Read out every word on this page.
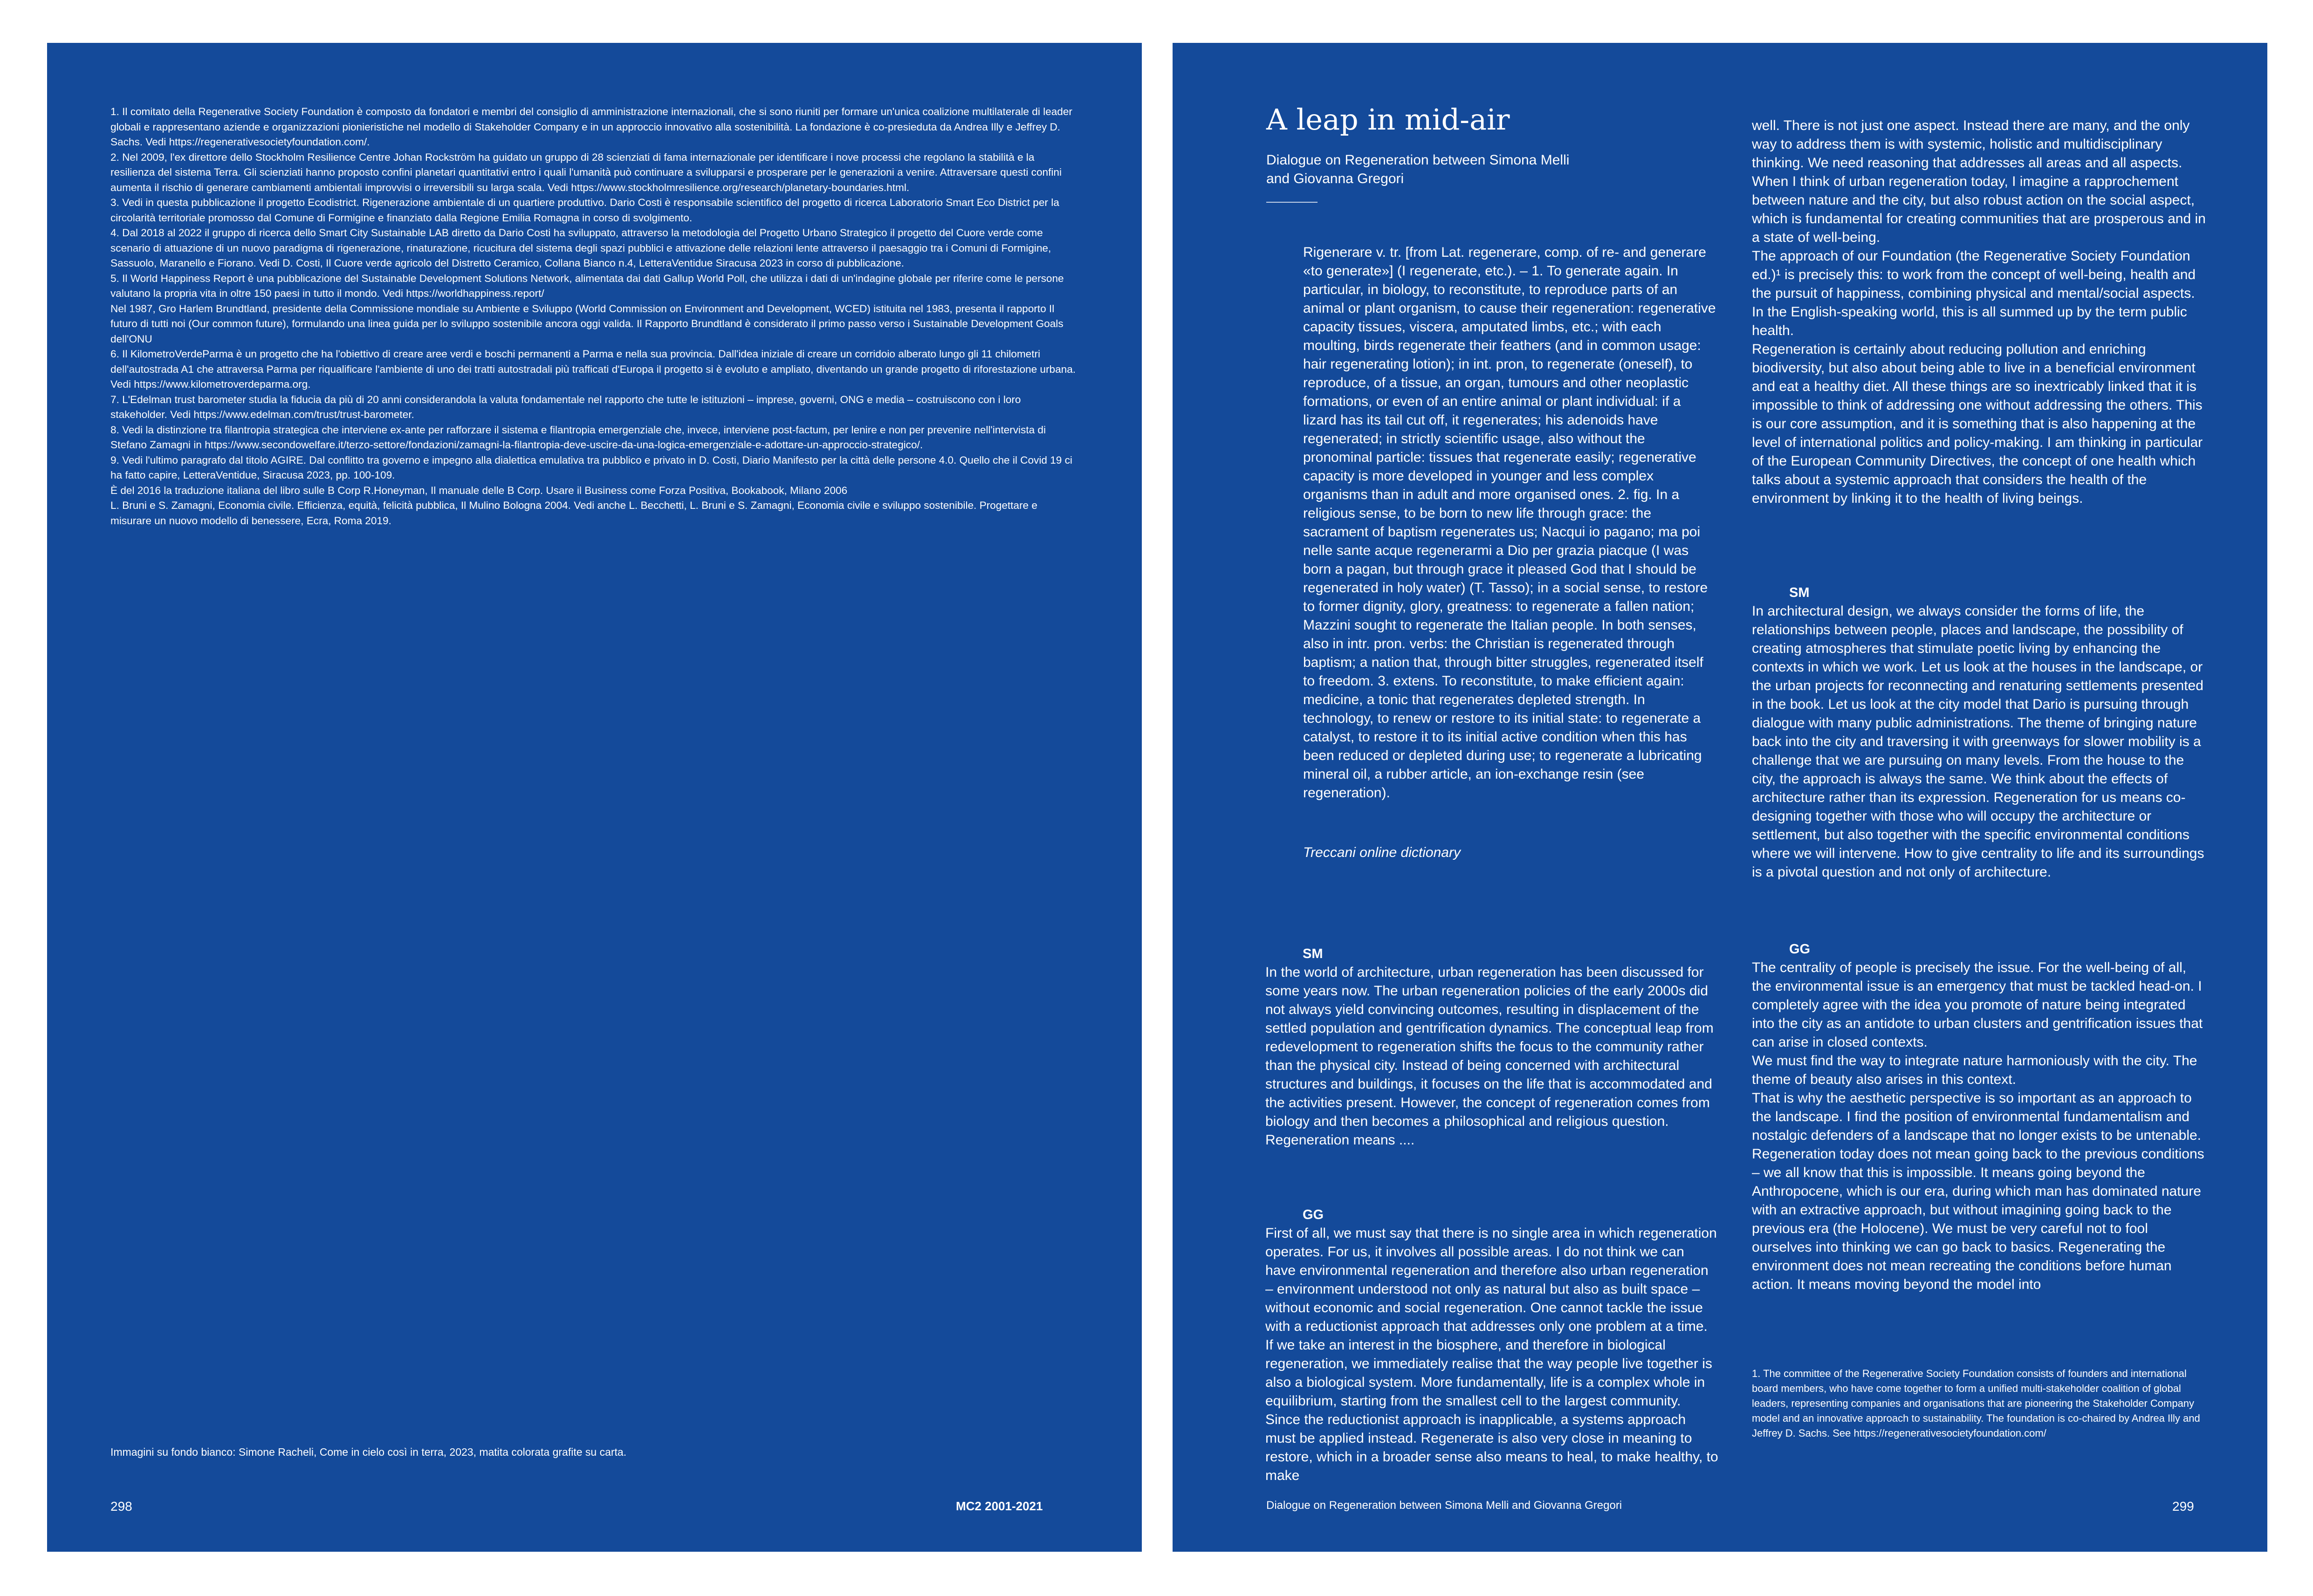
1. Il comitato della Regenerative Society Foundation è composto da fondatori e membri del consiglio di amministrazione internazionali, che si sono riuniti per formare un'unica coalizione multilaterale di leader globali e rappresentano aziende e organizzazioni pionieristiche nel modello di Stakeholder Company e in un approccio innovativo alla sostenibilità. La fondazione è co-presieduta da Andrea Illy e Jeffrey D. Sachs. Vedi https://regenerativesocietyfoundation.com/.

2. Nel 2009, l'ex direttore dello Stockholm Resilience Centre Johan Rockström ha guidato un gruppo di 28 scienziati di fama internazionale per identificare i nove processi che regolano la stabilità e la resilienza del sistema Terra. Gli scienziati hanno proposto confini planetari quantitativi entro i quali l'umanità può continuare a svilupparsi e prosperare per le generazioni a venire. Attraversare questi confini aumenta il rischio di generare cambiamenti ambientali improvvisi o irreversibili su larga scala. Vedi https://www.stockholmresilience.org/research/planetary-boundaries.html.

3. Vedi in questa pubblicazione il progetto Ecodistrict. Rigenerazione ambientale di un quartiere produttivo. Dario Costi è responsabile scientifico del progetto di ricerca Laboratorio Smart Eco District per la circolarità territoriale promosso dal Comune di Formigine e finanziato dalla Regione Emilia Romagna in corso di svolgimento.

4. Dal 2018 al 2022 il gruppo di ricerca dello Smart City Sustainable LAB diretto da Dario Costi ha sviluppato, attraverso la metodologia del Progetto Urbano Strategico il progetto del Cuore verde come scenario di attuazione di un nuovo paradigma di rigenerazione, rinaturazione, ricucitura del sistema degli spazi pubblici e attivazione delle relazioni lente attraverso il paesaggio tra i Comuni di Formigine, Sassuolo, Maranello e Fiorano. Vedi D. Costi, Il Cuore verde agricolo del Distretto Ceramico, Collana Bianco n.4, LetteraVentidue Siracusa 2023 in corso di pubblicazione.

5. Il World Happiness Report è una pubblicazione del Sustainable Development Solutions Network, alimentata dai dati Gallup World Poll, che utilizza i dati di un'indagine globale per riferire come le persone valutano la propria vita in oltre 150 paesi in tutto il mondo. Vedi https://worldhappiness.report/

Nel 1987, Gro Harlem Brundtland, presidente della Commissione mondiale su Ambiente e Sviluppo (World Commission on Environment and Development, WCED) istituita nel 1983, presenta il rapporto Il futuro di tutti noi (Our common future), formulando una linea guida per lo sviluppo sostenibile ancora oggi valida. Il Rapporto Brundtland è considerato il primo passo verso i Sustainable Development Goals dell'ONU

6. Il KilometroVerdeParma è un progetto che ha l'obiettivo di creare aree verdi e boschi permanenti a Parma e nella sua provincia. Dall'idea iniziale di creare un corridoio alberato lungo gli 11 chilometri dell'autostrada A1 che attraversa Parma per riqualificare l'ambiente di uno dei tratti autostradali più trafficati d'Europa il progetto si è evoluto e ampliato, diventando un grande progetto di riforestazione urbana. Vedi https://www.kilometroverdeparma.org.

7. L'Edelman trust barometer studia la fiducia da più di 20 anni considerandola la valuta fondamentale nel rapporto che tutte le istituzioni – imprese, governi, ONG e media – costruiscono con i loro stakeholder. Vedi https://www.edelman.com/trust/trust-barometer.

8. Vedi la distinzione tra filantropia strategica che interviene ex-ante per rafforzare il sistema e filantropia emergenziale che, invece, interviene post-factum, per lenire e non per prevenire nell'intervista di Stefano Zamagni in https://www.secondowelfare.it/terzo-settore/fondazioni/zamagni-la-filantropia-deve-uscire-da-una-logica-emergenziale-e-adottare-un-approccio-strategico/.

9. Vedi l'ultimo paragrafo dal titolo AGIRE. Dal conflitto tra governo e impegno alla dialettica emulativa tra pubblico e privato in D. Costi, Diario Manifesto per la città delle persone 4.0. Quello che il Covid 19 ci ha fatto capire, LetteraVentidue, Siracusa 2023, pp. 100-109.

È del 2016 la traduzione italiana del libro sulle B Corp R.Honeyman, Il manuale delle B Corp. Usare il Business come Forza Positiva, Bookabook, Milano 2006

L. Bruni e S. Zamagni, Economia civile. Efficienza, equità, felicità pubblica, Il Mulino Bologna 2004. Vedi anche L. Becchetti, L. Bruni e S. Zamagni, Economia civile e sviluppo sostenibile. Progettare e misurare un nuovo modello di benessere, Ecra, Roma 2019.

Immagini su fondo bianco: Simone Racheli, Come in cielo così in terra, 2023, matita colorata grafite su carta.

298	MC2 2001-2021

A leap in mid-air

Dialogue on Regeneration between Simona Melli and Giovanna Gregori

Rigenerare v. tr. [from Lat. regenerare, comp. of re- and generare «to generate»] (I regenerate, etc.). – 1. To generate again. In particular, in biology, to reconstitute, to reproduce parts of an animal or plant organism, to cause their regeneration: regenerative capacity tissues, viscera, amputated limbs, etc.; with each moulting, birds regenerate their feathers (and in common usage: hair regenerating lotion); in int. pron, to regenerate (oneself), to reproduce, of a tissue, an organ, tumours and other neoplastic formations, or even of an entire animal or plant individual: if a lizard has its tail cut off, it regenerates; his adenoids have regenerated; in strictly scientific usage, also without the pronominal particle: tissues that regenerate easily; regenerative capacity is more developed in younger and less complex organisms than in adult and more organised ones. 2. fig. In a religious sense, to be born to new life through grace: the sacrament of baptism regenerates us; Nacqui io pagano; ma poi nelle sante acque regenerarmi a Dio per grazia piacque (I was born a pagan, but through grace it pleased God that I should be regenerated in holy water) (T. Tasso); in a social sense, to restore to former dignity, glory, greatness: to regenerate a fallen nation; Mazzini sought to regenerate the Italian people. In both senses, also in intr. pron. verbs: the Christian is regenerated through baptism; a nation that, through bitter struggles, regenerated itself to freedom. 3. extens. To reconstitute, to make efficient again: medicine, a tonic that regenerates depleted strength. In technology, to renew or restore to its initial state: to regenerate a catalyst, to restore it to its initial active condition when this has been reduced or depleted during use; to regenerate a lubricating mineral oil, a rubber article, an ion-exchange resin (see regeneration).

Treccani online dictionary

SM

In the world of architecture, urban regeneration has been discussed for some years now. The urban regeneration policies of the early 2000s did not always yield convincing outcomes, resulting in displacement of the settled population and gentrification dynamics. The conceptual leap from redevelopment to regeneration shifts the focus to the community rather than the physical city. Instead of being concerned with architectural structures and buildings, it focuses on the life that is accommodated and the activities present. However, the concept of regeneration comes from biology and then becomes a philosophical and religious question. Regeneration means ....

GG

First of all, we must say that there is no single area in which regeneration operates. For us, it involves all possible areas. I do not think we can have environmental regeneration and therefore also urban regeneration – environment understood not only as natural but also as built space – without economic and social regeneration. One cannot tackle the issue with a reductionist approach that addresses only one problem at a time. If we take an interest in the biosphere, and therefore in biological regeneration, we immediately realise that the way people live together is also a biological system. More fundamentally, life is a complex whole in equilibrium, starting from the smallest cell to the largest community. Since the reductionist approach is inapplicable, a systems approach must be applied instead. Regenerate is also very close in meaning to restore, which in a broader sense also means to heal, to make healthy, to make

well. There is not just one aspect. Instead there are many, and the only way to address them is with systemic, holistic and multidisciplinary thinking. We need reasoning that addresses all areas and all aspects. When I think of urban regeneration today, I imagine a rapprochement between nature and the city, but also robust action on the social aspect, which is fundamental for creating communities that are prosperous and in a state of well-being.

The approach of our Foundation (the Regenerative Society Foundation ed.)¹ is precisely this: to work from the concept of well-being, health and the pursuit of happiness, combining physical and mental/social aspects. In the English-speaking world, this is all summed up by the term public health.

Regeneration is certainly about reducing pollution and enriching biodiversity, but also about being able to live in a beneficial environment and eat a healthy diet. All these things are so inextricably linked that it is impossible to think of addressing one without addressing the others. This is our core assumption, and it is something that is also happening at the level of international politics and policy-making. I am thinking in particular of the European Community Directives, the concept of one health which talks about a systemic approach that considers the health of the environment by linking it to the health of living beings.

SM

In architectural design, we always consider the forms of life, the relationships between people, places and landscape, the possibility of creating atmospheres that stimulate poetic living by enhancing the contexts in which we work. Let us look at the houses in the landscape, or the urban projects for reconnecting and renaturing settlements presented in the book. Let us look at the city model that Dario is pursuing through dialogue with many public administrations. The theme of bringing nature back into the city and traversing it with greenways for slower mobility is a challenge that we are pursuing on many levels. From the house to the city, the approach is always the same. We think about the effects of architecture rather than its expression. Regeneration for us means co-designing together with those who will occupy the architecture or settlement, but also together with the specific environmental conditions where we will intervene. How to give centrality to life and its surroundings is a pivotal question and not only of architecture.

GG

The centrality of people is precisely the issue. For the well-being of all, the environmental issue is an emergency that must be tackled head-on. I completely agree with the idea you promote of nature being integrated into the city as an antidote to urban clusters and gentrification issues that can arise in closed contexts.

We must find the way to integrate nature harmoniously with the city. The theme of beauty also arises in this context.

That is why the aesthetic perspective is so important as an approach to the landscape. I find the position of environmental fundamentalism and nostalgic defenders of a landscape that no longer exists to be untenable. Regeneration today does not mean going back to the previous conditions – we all know that this is impossible. It means going beyond the Anthropocene, which is our era, during which man has dominated nature with an extractive approach, but without imagining going back to the previous era (the Holocene). We must be very careful not to fool ourselves into thinking we can go back to basics. Regenerating the environment does not mean recreating the conditions before human action. It means moving beyond the model into

1. The committee of the Regenerative Society Foundation consists of founders and international board members, who have come together to form a unified multi-stakeholder coalition of global leaders, representing companies and organisations that are pioneering the Stakeholder Company model and an innovative approach to sustainability. The foundation is co-chaired by Andrea Illy and Jeffrey D. Sachs. See https://regenerativesocietyfoundation.com/

Dialogue on Regeneration between Simona Melli and Giovanna Gregori	299
